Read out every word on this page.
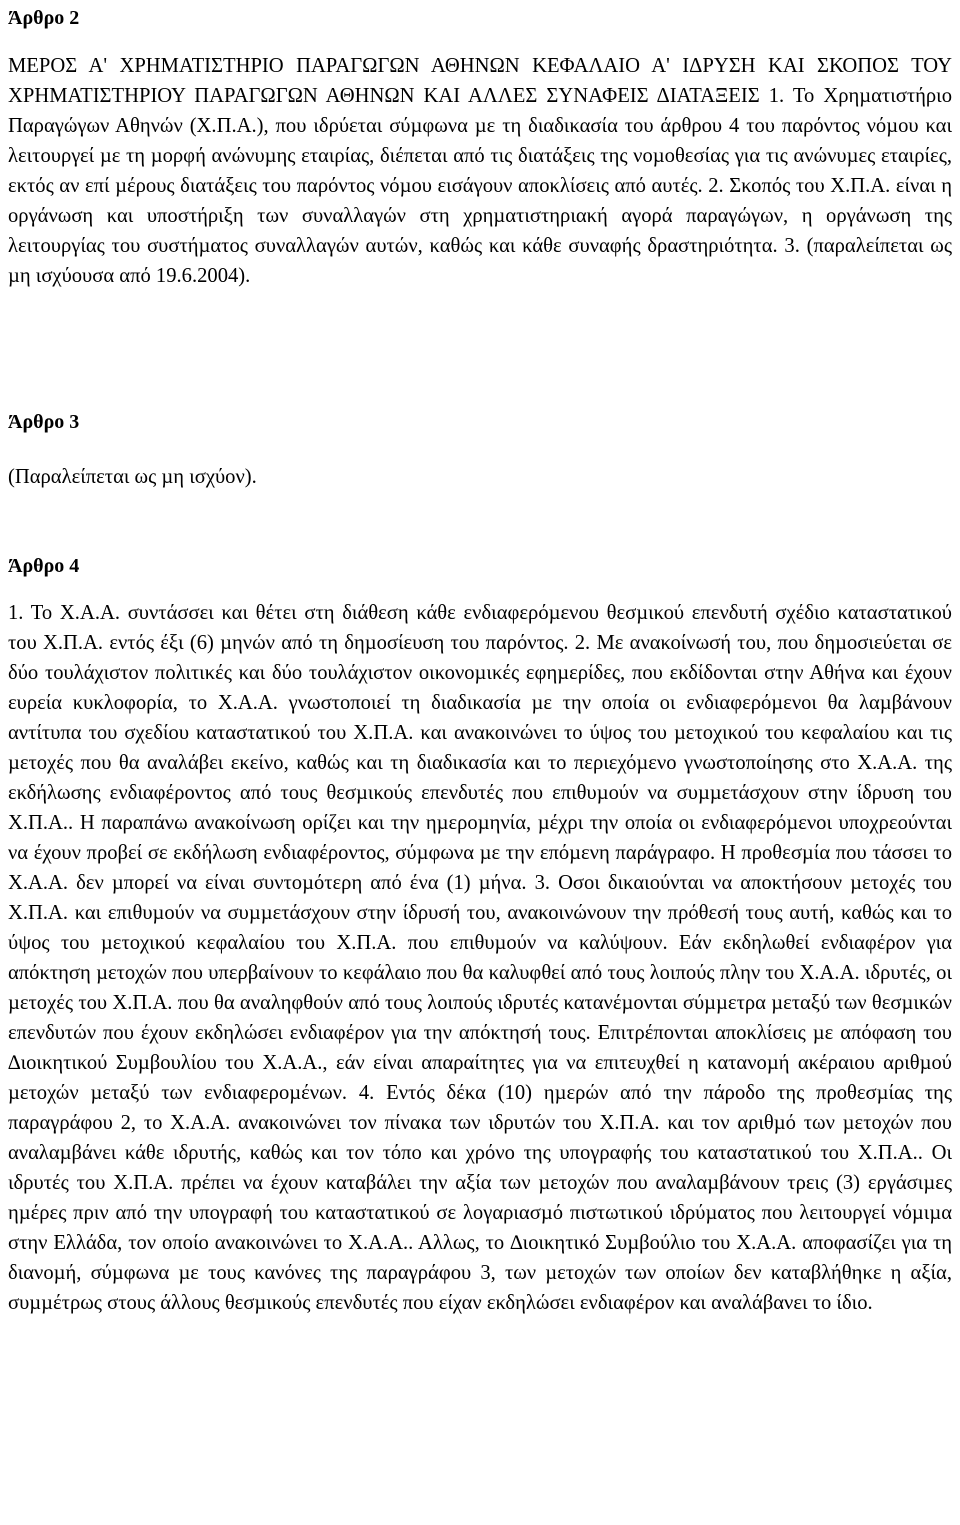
Άρθρο 2

ΜΕΡΟΣ Α' ΧΡΗΜΑΤΙΣΤΗΡΙΟ ΠΑΡΑΓΩΓΩΝ ΑΘΗΝΩΝ ΚΕΦΑΛΑΙΟ Α' ΙΔΡΥΣΗ ΚΑΙ ΣΚΟΠΟΣ ΤΟΥ ΧΡΗΜΑΤΙΣΤΗΡΙΟΥ ΠΑΡΑΓΩΓΩΝ ΑΘΗΝΩΝ ΚΑΙ ΑΛΛΕΣ ΣΥΝΑΦΕΙΣ ΔΙΑΤΑΞΕΙΣ 1. Το Χρηµατιστήριο Παραγώγων Αθηνών (Χ.Π.Α.), που ιδρύεται σύµφωνα µε τη διαδικασία του άρθρου 4 του παρόντος νόµου και λειτουργεί µε τη µορφή ανώνυµης εταιρίας, διέπεται από τις διατάξεις της νοµοθεσίας για τις ανώνυµες εταιρίες, εκτός αν επί µέρους διατάξεις του παρόντος νόµου εισάγουν αποκλίσεις από αυτές. 2. Σκοπός του Χ.Π.Α. είναι η οργάνωση και υποστήριξη των συναλλαγών στη χρηµατιστηριακή αγορά παραγώγων, η οργάνωση της λειτουργίας του συστήµατος συναλλαγών αυτών, καθώς και κάθε συναφής δραστηριότητα. 3. (παραλείπεται ως µη ισχύουσα από 19.6.2004).

Άρθρο 3

(Παραλείπεται ως µη ισχύον).

Άρθρο 4

1. Το Χ.Α.Α. συντάσσει και θέτει στη διάθεση κάθε ενδιαφερόµενου θεσµικού επενδυτή σχέδιο καταστατικού του Χ.Π.Α. εντός έξι (6) µηνών από τη δηµοσίευση του παρόντος. 2. Με ανακοίνωσή του, που δηµοσιεύεται σε δύο τουλάχιστον πολιτικές και δύο τουλάχιστον οικονοµικές εφηµερίδες, που εκδίδονται στην Αθήνα και έχουν ευρεία κυκλοφορία, το Χ.Α.Α. γνωστοποιεί τη διαδικασία µε την οποία οι ενδιαφερόµενοι θα λαµβάνουν αντίτυπα του σχεδίου καταστατικού του Χ.Π.Α. και ανακοινώνει το ύψος του µετοχικού του κεφαλαίου και τις µετοχές που θα αναλάβει εκείνο, καθώς και τη διαδικασία και το περιεχόµενο γνωστοποίησης στο Χ.Α.Α. της εκδήλωσης ενδιαφέροντος από τους θεσµικούς επενδυτές που επιθυµούν να συµµετάσχουν στην ίδρυση του Χ.Π.Α.. Η παραπάνω ανακοίνωση ορίζει και την ηµεροµηνία, µέχρι την οποία οι ενδιαφερόµενοι υποχρεούνται να έχουν προβεί σε εκδήλωση ενδιαφέροντος, σύµφωνα µε την επόµενη παράγραφο. Η προθεσµία που τάσσει το Χ.Α.Α. δεν µπορεί να είναι συντοµότερη από ένα (1) µήνα. 3. Οσοι δικαιούνται να αποκτήσουν µετοχές του Χ.Π.Α. και επιθυµούν να συµµετάσχουν στην ίδρυσή του, ανακοινώνουν την πρόθεσή τους αυτή, καθώς και το ύψος του µετοχικού κεφαλαίου του Χ.Π.Α. που επιθυµούν να καλύψουν. Εάν εκδηλωθεί ενδιαφέρον για απόκτηση µετοχών που υπερβαίνουν το κεφάλαιο που θα καλυφθεί από τους λοιπούς πλην του Χ.Α.Α. ιδρυτές, οι µετοχές του Χ.Π.Α. που θα αναληφθούν από τους λοιπούς ιδρυτές κατανέµονται σύµµετρα µεταξύ των θεσµικών επενδυτών που έχουν εκδηλώσει ενδιαφέρον για την απόκτησή τους. Επιτρέπονται αποκλίσεις µε απόφαση του ∆ιοικητικού Συµβουλίου του Χ.Α.Α., εάν είναι απαραίτητες για να επιτευχθεί η κατανοµή ακέραιου αριθµού µετοχών µεταξύ των ενδιαφεροµένων. 4. Εντός δέκα (10) ηµερών από την πάροδο της προθεσµίας της παραγράφου 2, το Χ.Α.Α. ανακοινώνει τον πίνακα των ιδρυτών του Χ.Π.Α. και τον αριθµό των µετοχών που αναλαµβάνει κάθε ιδρυτής, καθώς και τον τόπο και χρόνο της υπογραφής του καταστατικού του Χ.Π.Α.. Οι ιδρυτές του Χ.Π.Α. πρέπει να έχουν καταβάλει την αξία των µετοχών που αναλαµβάνουν τρεις (3) εργάσιµες ηµέρες πριν από την υπογραφή του καταστατικού σε λογαριασµό πιστωτικού ιδρύµατος που λειτουργεί νόµιµα στην Ελλάδα, τον οποίο ανακοινώνει το Χ.Α.Α.. Αλλως, το ∆ιοικητικό Συµβούλιο του Χ.Α.Α. αποφασίζει για τη διανοµή, σύµφωνα µε τους κανόνες της παραγράφου 3, των µετοχών των οποίων δεν καταβλήθηκε η αξία, συµµέτρως στους άλλους θεσµικούς επενδυτές που είχαν εκδηλώσει ενδιαφέρον και αναλάβανει το ίδιο.
